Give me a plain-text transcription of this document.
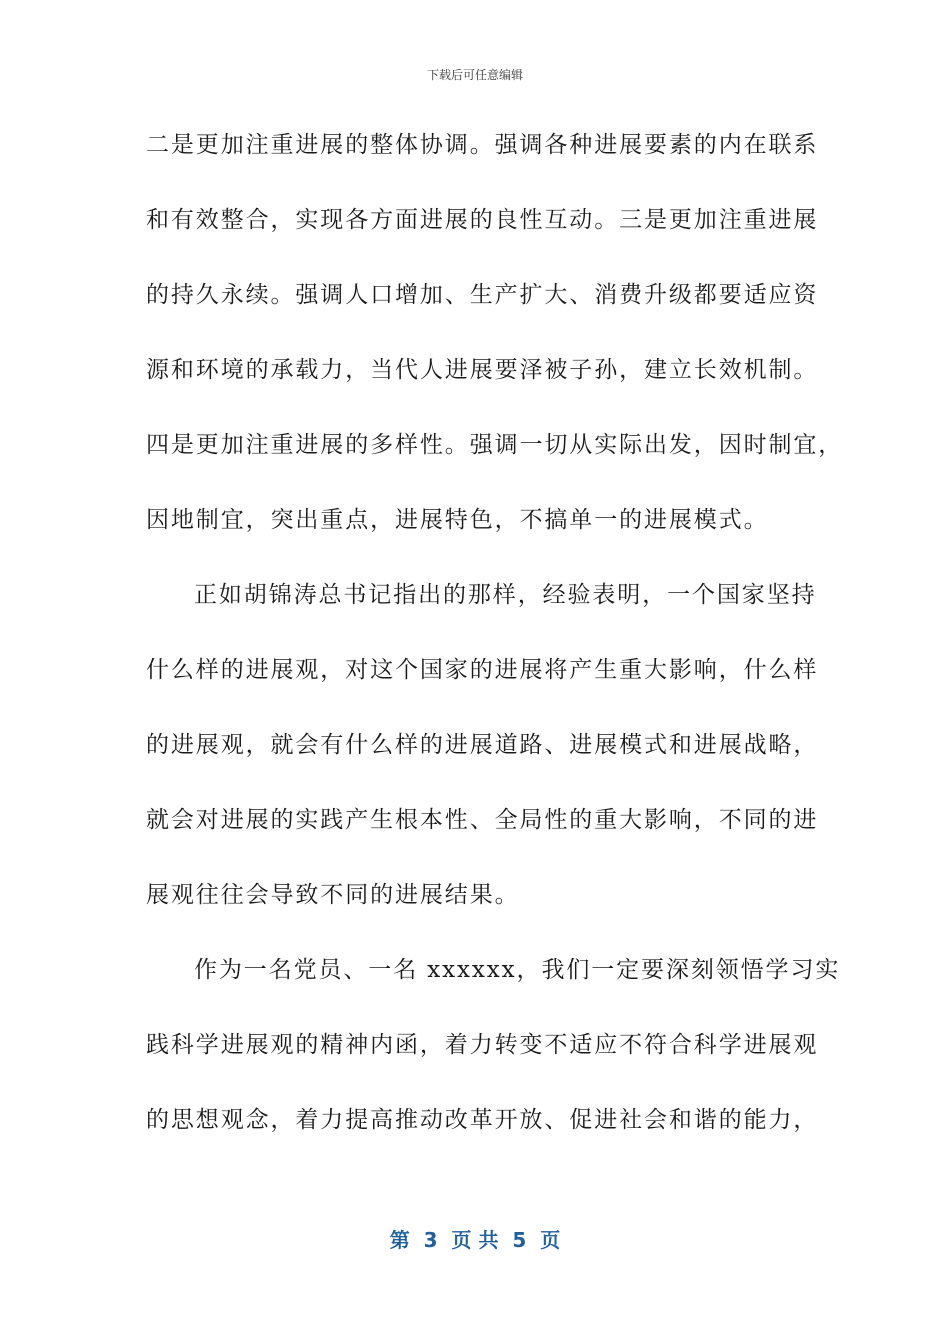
下载后可任意编辑
二是更加注重进展的整体协调。强调各种进展要素的内在联系
和有效整合，实现各方面进展的良性互动。三是更加注重进展
的持久永续。强调人口增加、生产扩大、消费升级都要适应资
源和环境的承载力，当代人进展要泽被子孙，建立长效机制。
四是更加注重进展的多样性。强调一切从实际出发，因时制宜，
因地制宜，突出重点，进展特色，不搞单一的进展模式。
正如胡锦涛总书记指出的那样，经验表明，一个国家坚持
什么样的进展观，对这个国家的进展将产生重大影响，什么样
的进展观，就会有什么样的进展道路、进展模式和进展战略，
就会对进展的实践产生根本性、全局性的重大影响，不同的进
展观往往会导致不同的进展结果。
作为一名党员、一名 xxxxxx，我们一定要深刻领悟学习实
践科学进展观的精神内函，着力转变不适应不符合科学进展观
的思想观念，着力提高推动改革开放、促进社会和谐的能力，
第  3  页 共  5  页
